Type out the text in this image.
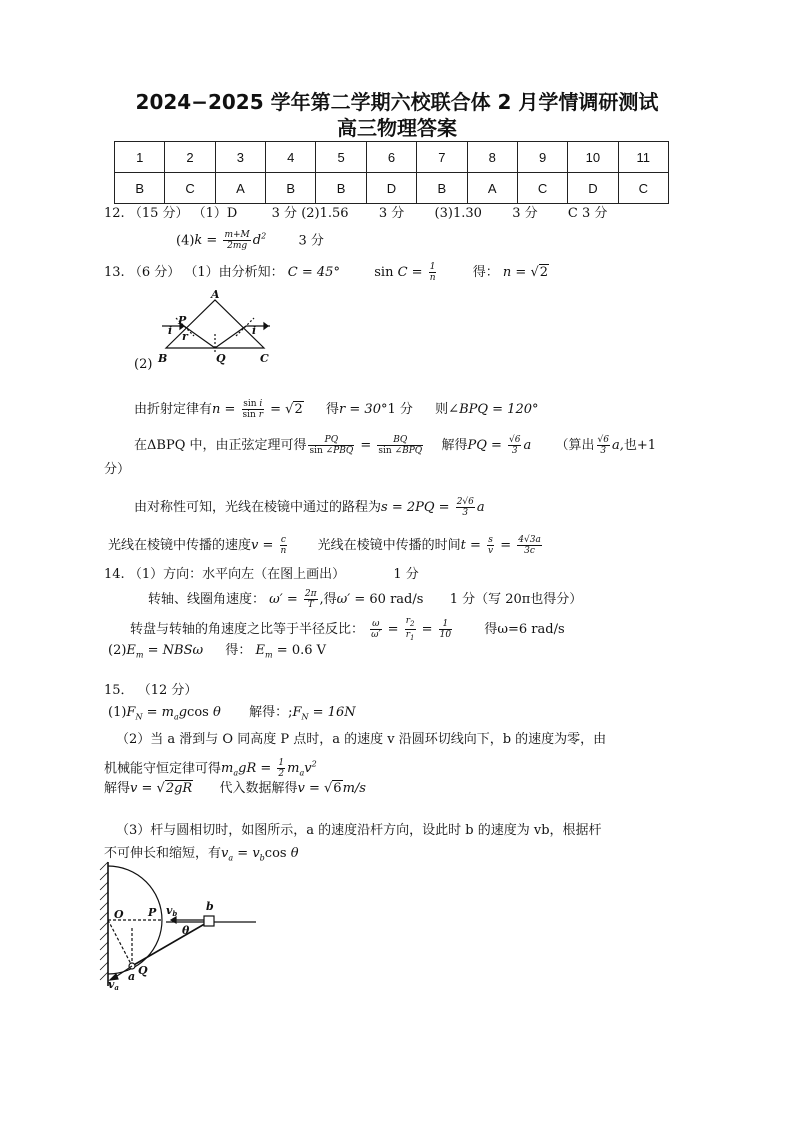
2024−2025 学年第二学期六校联合体 2 月学情调研测试
高三物理答案
1	2	3	4	5	6	7	8	9	10	11
B	C	A	B	B	D	B	A	C	D	C
12. （15 分） （1）D	3 分 (2)1.56 3 分 (3)1.30 3 分 C 3 分
$(4)k = \frac{m+M}{2mg} d^2$ 3 分
13. （6 分） （1）由分析知： C = 45°	$\sin C = \frac{1}{n}$	得： n = √2
A
B	C
P
Q
i	i
r
(2)
由折射定律有$n = \frac{\text{sin i}}{\text{sin r}} = √2$ 得r = 30°1 分 则∠BPQ = 120°
在ΔBPQ 中，由正弦定理可得 $\frac{PQ}{\text{sin ∠PBQ}} = \frac{BQ}{\text{sin ∠BPQ}}$ 解得PQ = $\frac{√6}{3}$ a （算出 $\frac{√6}{3} a$,也+1
分）
由对称性可知，光线在棱镜中通过的路程为$s = 2PQ = \frac{2√6}{3}$ a
光线在棱镜中传播的速度$v = \frac{c}{n}$ 光线在棱镜中传播的时间$t = \frac{s}{v} = \frac{4√3a}{3c}$
14. （1）方向：水平向左（在图上画出）	1 分
转轴、线圈角速度： $\omega' = \frac{2\pi}{T}$ ,得ω′ = 60 rad/s 1 分（写 20π也得分）
转盘与转轴的角速度之比等于半径反比： $\frac{\omega}{\omega'} = \frac{r_2}{r_1} = \frac{1}{10}$ 得ω=6 rad/s
$(2)E_m = NBS\omega$ 得： $E_m = 0.6$ V
15． （12 分）
$(1)F_N = m_agcos$ θ 解得：$;F_N = 16N$
（2）当 a 滑到与 O 同高度 P 点时，a 的速度 v 沿圆环切线向下，b 的速度为零，由
机械能守恒定律可得$m_agR = \frac{1}{2} m_av^2$
解得v = √2gR 代入数据解得v = √6m/s
（3）杆与圆相切时，如图所示，a 的速度沿杆方向，设此时 b 的速度为 vb，根据杆
不可伸长和缩短，有$v_a = v_b\cos$ θ
O P
a Q
b
θ
vb
va
